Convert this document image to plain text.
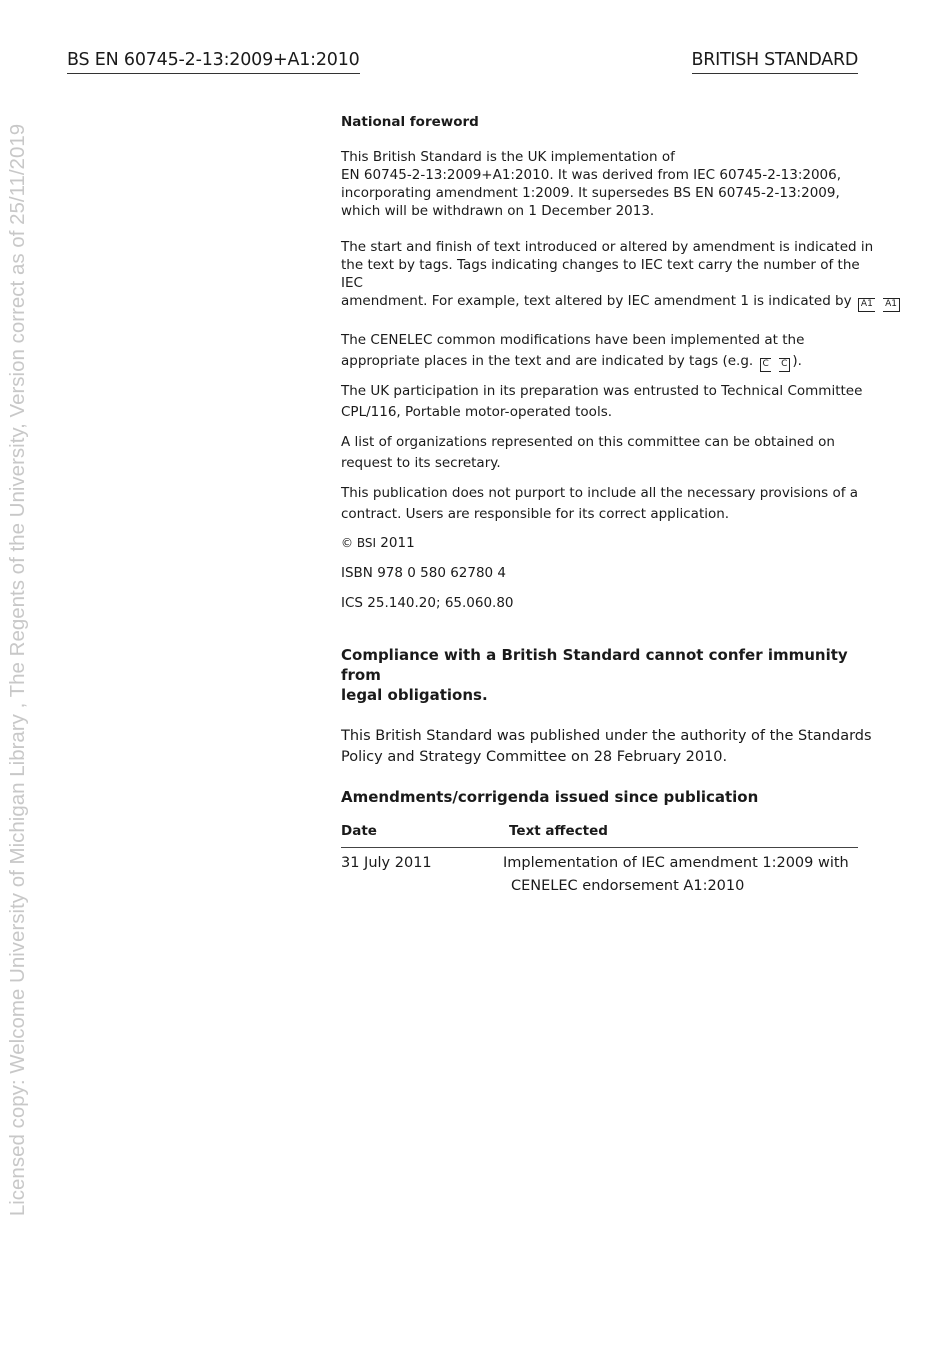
BS EN 60745-2-13:2009+A1:2010	BRITISH STANDARD
Licensed copy: Welcome University of Michigan Library , The Regents of the University, Version correct as of 25/11/2019
National foreword
This British Standard is the UK implementation of
EN 60745-2-13:2009+A1:2010. It was derived from IEC 60745-2-13:2006,
incorporating amendment 1:2009. It supersedes BS EN 60745-2-13:2009,
which will be withdrawn on 1 December 2013.
The start and finish of text introduced or altered by amendment is indicated in
the text by tags. Tags indicating changes to IEC text carry the number of the IEC
amendment. For example, text altered by IEC amendment 1 is indicated by A1 A1
The CENELEC common modifications have been implemented at the
appropriate places in the text and are indicated by tags (e.g. C C ).
The UK participation in its preparation was entrusted to Technical Committee
CPL/116, Portable motor-operated tools.
A list of organizations represented on this committee can be obtained on
request to its secretary.
This publication does not purport to include all the necessary provisions of a
contract. Users are responsible for its correct application.
© BSI 2011
ISBN 978 0 580 62780 4
ICS 25.140.20; 65.060.80
Compliance with a British Standard cannot confer immunity from
legal obligations.
This British Standard was published under the authority of the Standards
Policy and Strategy Committee on 28 February 2010.
Amendments/corrigenda issued since publication
Date	Text affected
31 July 2011	Implementation of IEC amendment 1:2009 with
CENELEC endorsement A1:2010
